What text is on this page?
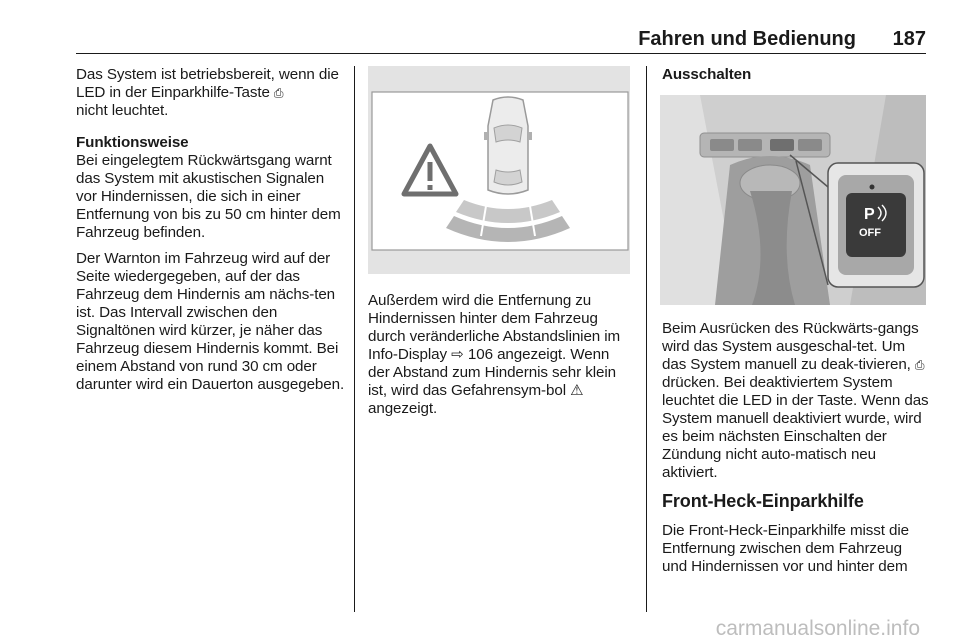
Fahren und Bedienung 187

Das System ist betriebsbereit, wenn die LED in der Einparkhilfe-Taste ⎙
nicht leuchtet.

Funktionsweise
Bei eingelegtem Rückwärtsgang warnt das System mit akustischen Signalen vor Hindernissen, die sich in einer Entfernung von bis zu 50 cm hinter dem Fahrzeug befinden.

Der Warnton im Fahrzeug wird auf der Seite wiedergegeben, auf der das Fahrzeug dem Hindernis am nächs-ten ist. Das Intervall zwischen den Signaltönen wird kürzer, je näher das Fahrzeug diesem Hindernis kommt. Bei einem Abstand von rund 30 cm oder darunter wird ein Dauerton ausgegeben.

Außerdem wird die Entfernung zu Hindernissen hinter dem Fahrzeug durch veränderliche Abstandslinien im Info-Display ⇨ 106 angezeigt. Wenn der Abstand zum Hindernis sehr klein ist, wird das Gefahrensym-bol ⚠ angezeigt.

Ausschalten

P
OFF

Beim Ausrücken des Rückwärts-gangs wird das System ausgeschal-tet. Um das System manuell zu deak-tivieren, ⎙ drücken. Bei deaktiviertem System leuchtet die LED in der Taste. Wenn das System manuell deaktiviert wurde, wird es beim nächsten Einschalten der Zündung nicht auto-matisch neu aktiviert.

Front-Heck-Einparkhilfe

Die Front-Heck-Einparkhilfe misst die Entfernung zwischen dem Fahrzeug und Hindernissen vor und hinter dem

carmanualsonline.info
